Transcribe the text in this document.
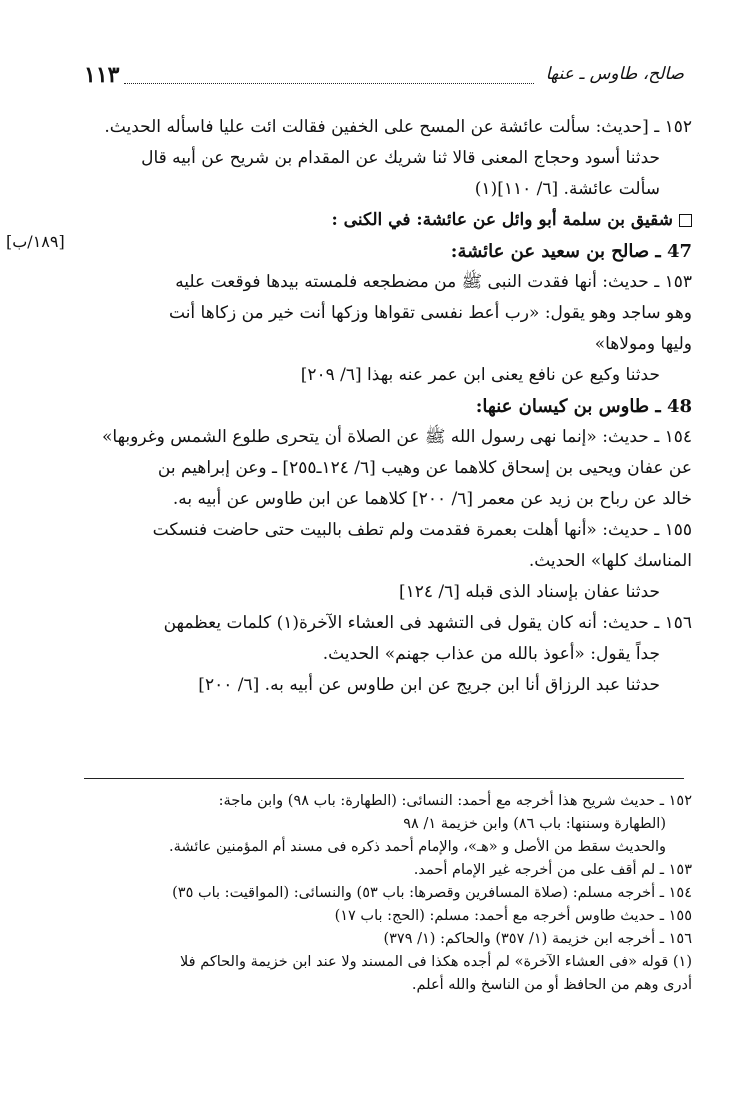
١١٣	صالح، طاوس ـ عنها
[١٨٩/ب]
١٥٢ ـ [حديث: سألت عائشة عن المسح على الخفين فقالت ائت عليا فاسأله الحديث.
حدثنا أسود وحجاج المعنى قالا ثنا شريك عن المقدام بن شريح عن أبيه قال
سألت عائشة. [٦/ ١١٠](١)
شقيق بن سلمة أبو وائل عن عائشة: في الكنى :
47 ـ صالح بن سعيد عن عائشة:
١٥٣ ـ حديث: أنها فقدت النبى ﷺ من مضطجعه فلمسته بيدها فوقعت عليه
وهو ساجد وهو يقول: «رب أعط نفسى تقواها وزكها أنت خير من زكاها أنت
وليها ومولاها»
حدثنا وكيع عن نافع يعنى ابن عمر عنه بهذا [٦/ ٢٠٩]
48 ـ طاوس بن كيسان عنها:
١٥٤ ـ حديث: «إنما نهى رسول الله ﷺ عن الصلاة أن يتحرى طلوع الشمس وغروبها»
عن عفان ويحيى بن إسحاق كلاهما عن وهيب [٦/ ١٢٤ـ٢٥٥] ـ وعن إبراهيم بن
خالد عن رباح بن زيد عن معمر [٦/ ٢٠٠] كلاهما عن ابن طاوس عن أبيه به.
١٥٥ ـ حديث: «أنها أهلت بعمرة فقدمت ولم تطف بالبيت حتى حاضت فنسكت
المناسك كلها» الحديث.
حدثنا عفان بإسناد الذى قبله [٦/ ١٢٤]
١٥٦ ـ حديث: أنه كان يقول فى التشهد فى العشاء الآخرة(١) كلمات يعظمهن
جداً يقول: «أعوذ بالله من عذاب جهنم» الحديث.
حدثنا عبد الرزاق أنا ابن جريج عن ابن طاوس عن أبيه به. [٦/ ٢٠٠]
١٥٢ ـ حديث شريح هذا أخرجه مع أحمد: النسائى: (الطهارة: باب ٩٨) وابن ماجة:
(الطهارة وسننها: باب ٨٦) وابن خزيمة ١/ ٩٨
والحديث سقط من الأصل و «هـ»، والإمام أحمد ذكره فى مسند أم المؤمنين عائشة.
١٥٣ ـ لم أقف على من أخرجه غير الإمام أحمد.
١٥٤ ـ أخرجه مسلم: (صلاة المسافرين وقصرها: باب ٥٣) والنسائى: (المواقيت: باب ٣٥)
١٥٥ ـ حديث طاوس أخرجه مع أحمد: مسلم: (الحج: باب ١٧)
١٥٦ ـ أخرجه ابن خزيمة (١/ ٣٥٧) والحاكم: (١/ ٣٧٩)
(١) قوله «فى العشاء الآخرة» لم أجده هكذا فى المسند ولا عند ابن خزيمة والحاكم فلا
أدرى وهم من الحافظ أو من الناسخ والله أعلم.
